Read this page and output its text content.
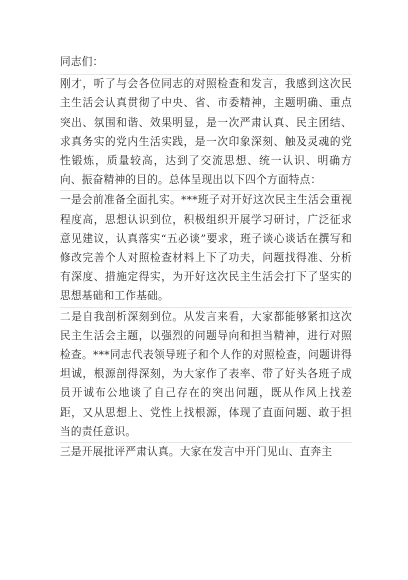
同志们：

刚才，听了与会各位同志的对照检查和发言，我感到这次民主生活会认真贯彻了中央、省、市委精神，主题明确、重点突出、氛围和谐、效果明显，是一次严肃认真、民主团结、求真务实的党内生活实践，是一次印象深刻、触及灵魂的党性锻炼，质量较高，达到了交流思想、统一认识、明确方向、振奋精神的目的。总体呈现出以下四个方面特点：

一是会前准备全面扎实。***班子对开好这次民主生活会重视程度高，思想认识到位，积极组织开展学习研讨，广泛征求意见建议，认真落实“五必谈”要求，班子谈心谈话在撰写和修改完善个人对照检查材料上下了功夫，问题找得准、分析有深度、措施定得实，为开好这次民主生活会打下了坚实的思想基础和工作基础。

二是自我剖析深刻到位。从发言来看，大家都能够紧扣这次民主生活会主题，以强烈的问题导向和担当精神，进行对照检查。***同志代表领导班子和个人作的对照检查，问题讲得坦诚，根源剖得深刻，为大家作了表率、带了好头各班子成员开诚布公地谈了自己存在的突出问题，既从作风上找差距，又从思想上、党性上找根源，体现了直面问题、敢于担当的责任意识。

三是开展批评严肃认真。大家在发言中开门见山、直奔主
